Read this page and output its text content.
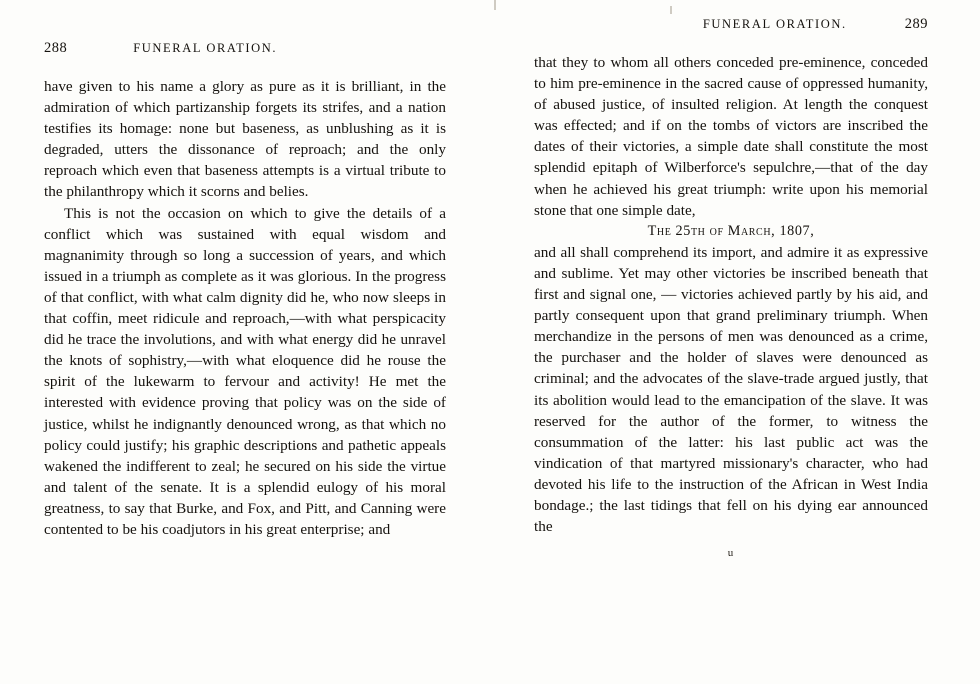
288	FUNERAL ORATION.

have given to his name a glory as pure as it is brilliant, in the admiration of which partizanship forgets its strifes, and a nation testifies its homage: none but baseness, as unblushing as it is degraded, utters the dissonance of reproach; and the only reproach which even that baseness attempts is a virtual tribute to the philanthropy which it scorns and belies.

This is not the occasion on which to give the details of a conflict which was sustained with equal wisdom and magnanimity through so long a succession of years, and which issued in a triumph as complete as it was glorious. In the progress of that conflict, with what calm dignity did he, who now sleeps in that coffin, meet ridicule and reproach,—with what perspicacity did he trace the involutions, and with what energy did he unravel the knots of sophistry,—with what eloquence did he rouse the spirit of the lukewarm to fervour and activity! He met the interested with evidence proving that policy was on the side of justice, whilst he indignantly denounced wrong, as that which no policy could justify; his graphic descriptions and pathetic appeals wakened the indifferent to zeal; he secured on his side the virtue and talent of the senate. It is a splendid eulogy of his moral greatness, to say that Burke, and Fox, and Pitt, and Canning were contented to be his coadjutors in his great enterprise; and

FUNERAL ORATION.	289

that they to whom all others conceded pre-eminence, conceded to him pre-eminence in the sacred cause of oppressed humanity, of abused justice, of insulted religion. At length the conquest was effected; and if on the tombs of victors are inscribed the dates of their victories, a simple date shall constitute the most splendid epitaph of Wilberforce's sepulchre,—that of the day when he achieved his great triumph: write upon his memorial stone that one simple date,

The 25th of March, 1807,

and all shall comprehend its import, and admire it as expressive and sublime. Yet may other victories be inscribed beneath that first and signal one, — victories achieved partly by his aid, and partly consequent upon that grand preliminary triumph. When merchandize in the persons of men was denounced as a crime, the purchaser and the holder of slaves were denounced as criminal; and the advocates of the slave-trade argued justly, that its abolition would lead to the emancipation of the slave. It was reserved for the author of the former, to witness the consummation of the latter: his last public act was the vindication of that martyred missionary's character, who had devoted his life to the instruction of the African in West India bondage.; the last tidings that fell on his dying ear announced the

u
